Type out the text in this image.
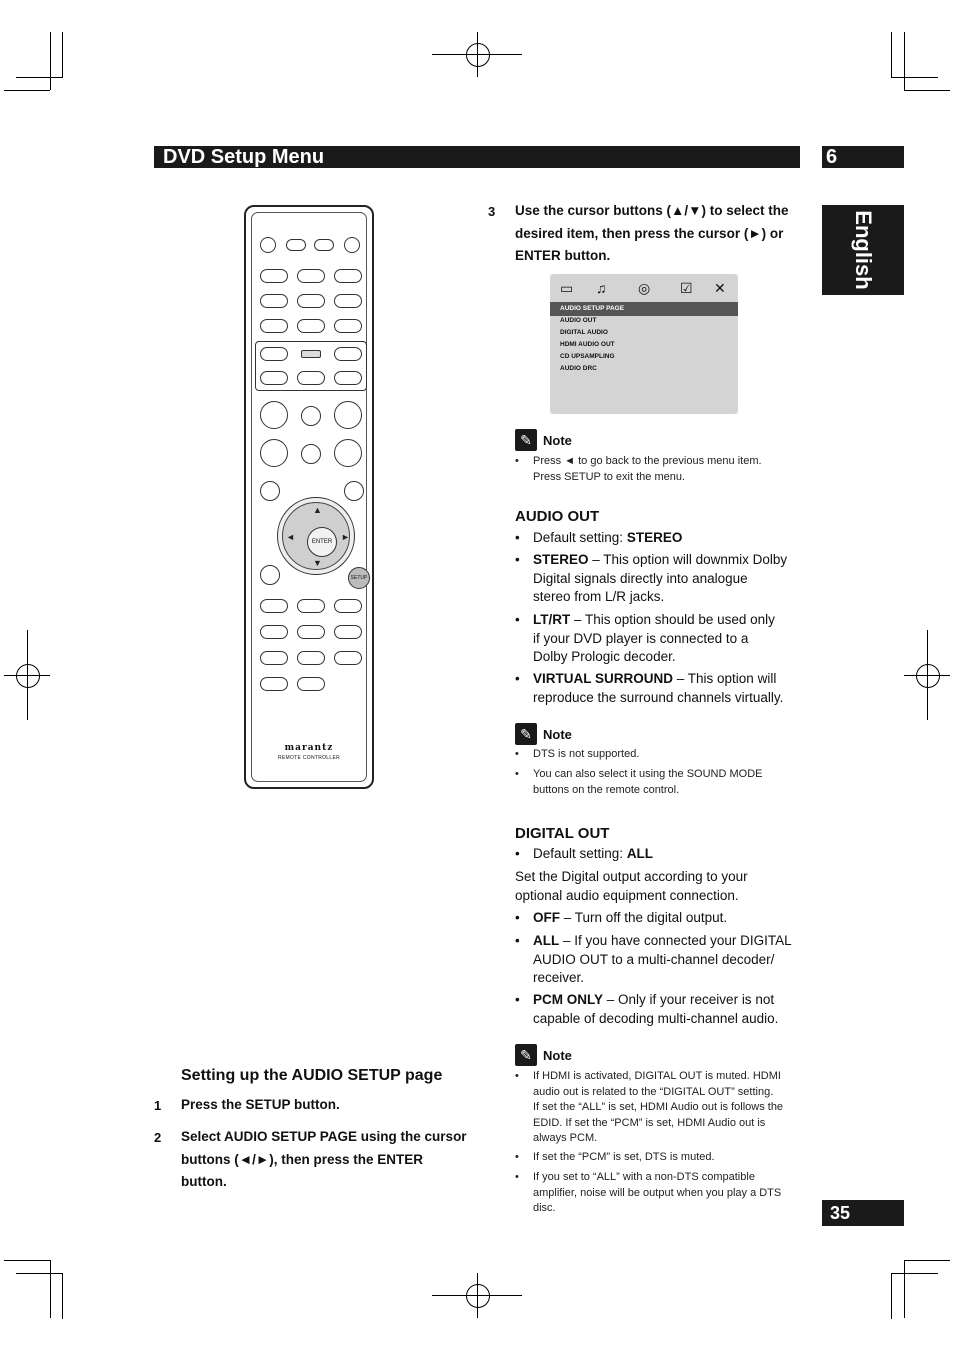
DVD Setup Menu	6
English
▲
▼
◄	►
ENTER
SETUP
marantz
REMOTE CONTROLLER
Setting up the AUDIO SETUP page
1 Press the SETUP button.
2 Select AUDIO SETUP PAGE using the cursor
buttons (◄/►), then press the ENTER
button.
3 Use the cursor buttons (▲/▼) to select the
desired item, then press the cursor (►) or
ENTER button.
▭ ♫ ◎ ☑ ✕
AUDIO SETUP PAGE
AUDIO OUT
DIGITAL AUDIO
HDMI AUDIO OUT
CD UPSAMPLING
AUDIO DRC
✎ Note
• Press ◄ to go back to the previous menu item.
Press SETUP to exit the menu.
AUDIO OUT
• Default setting: STEREO
• STEREO – This option will downmix Dolby
Digital signals directly into analogue
stereo from L/R jacks.
• LT/RT – This option should be used only
if your DVD player is connected to a
Dolby Prologic decoder.
• VIRTUAL SURROUND – This option will
reproduce the surround channels virtually.
✎ Note
• DTS is not supported.
• You can also select it using the SOUND MODE
buttons on the remote control.
DIGITAL OUT
• Default setting: ALL
Set the Digital output according to your
optional audio equipment connection.
• OFF – Turn off the digital output.
• ALL – If you have connected your DIGITAL
AUDIO OUT to a multi-channel decoder/
receiver.
• PCM ONLY – Only if your receiver is not
capable of decoding multi-channel audio.
✎ Note
• If HDMI is activated, DIGITAL OUT is muted. HDMI
audio out is related to the “DIGITAL OUT” setting.
If set the “ALL” is set, HDMI Audio out is follows the
EDID. If set the “PCM” is set, HDMI Audio out is
always PCM.
• If set the “PCM” is set, DTS is muted.
• If you set to “ALL” with a non-DTS compatible
amplifier, noise will be output when you play a DTS
disc.	35
